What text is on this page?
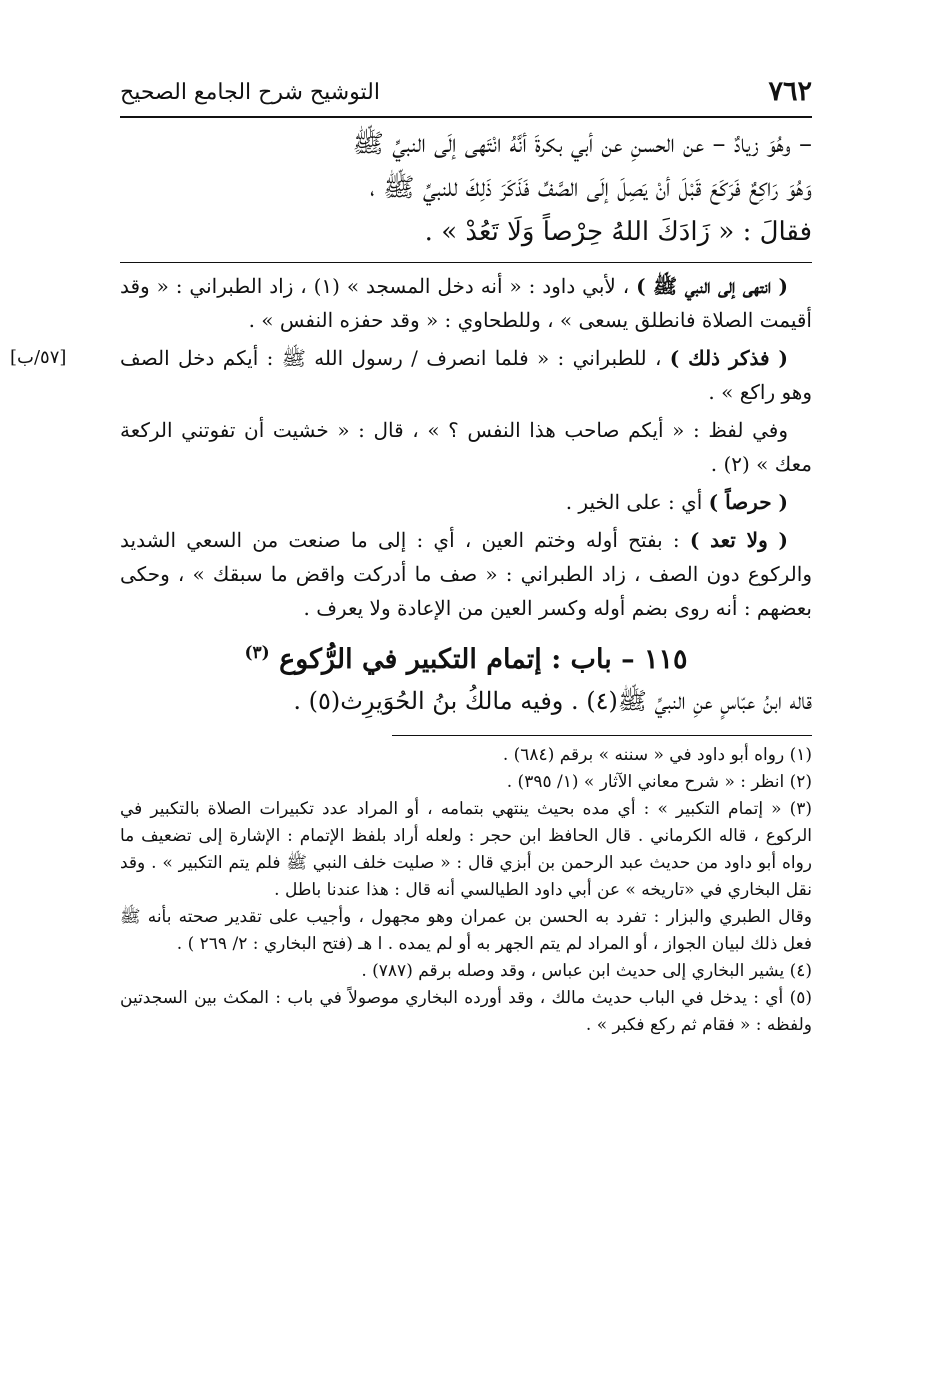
٧٦٢
التوشيح شرح الجامع الصحيح

– وهُوَ زيادٌ – عن الحسنِ عن أبي بكرةَ أنَّهُ انْتَهى إلَى النبيِّ ﷺ

وَهُوَ رَاكِعٌ فَرَكَعَ قَبْلَ أنْ يَصِلَ إلَى الصَّفِّ فَذَكَرَ ذَلِكَ للنبيِّ ﷺ ،

فقالَ : « زَادَكَ اللهُ حِرْصاً وَلَا تَعُدْ » .

( انتهى إلى النبي ﷺ ) ، لأبي داود : « أنه دخل المسجد » (١) ، زاد الطبراني : « وقد أقيمت الصلاة فانطلق يسعى » ، وللطحاوي : « وقد حفزه النفس » .

[٥٧/ب]	( فذكر ذلك ) ، للطبراني : « فلما انصرف / رسول الله ﷺ : أيكم دخل الصف وهو راكع » .

وفي لفظ : « أيكم صاحب هذا النفس ؟ » ، قال : « خشيت أن تفوتني الركعة معك » (٢) .

( حرصاً ) أي : على الخير .

( ولا تعد ) : بفتح أوله وختم العين ، أي : إلى ما صنعت من السعي الشديد والركوع دون الصف ، زاد الطبراني : « صف ما أدركت واقض ما سبقك » ، وحكى بعضهم : أنه روى بضم أوله وكسر العين من الإعادة ولا يعرف .

١١٥ – باب : إتمام التكبير في الرُّكوع $^{(٣)}$

قاله ابنُ عبّاسٍ عنِ النبيِّ ﷺ(٤) . وفيه مالكُ بنُ الحُوَيرِث(٥) .

(١) رواه أبو داود في « سننه » برقم (٦٨٤) .

(٢) انظر : « شرح معاني الآثار » (١/ ٣٩٥) .

(٣) « إتمام التكبير » : أي مده بحيث ينتهي بتمامه ، أو المراد عدد تكبيرات الصلاة بالتكبير في الركوع ، قاله الكرماني . قال الحافظ ابن حجر : ولعله أراد بلفظ الإتمام : الإشارة إلى تضعيف ما رواه أبو داود من حديث عبد الرحمن بن أبزي قال : « صليت خلف النبي ﷺ فلم يتم التكبير » . وقد نقل البخاري في «تاريخه » عن أبي داود الطيالسي أنه قال : هذا عندنا باطل .

وقال الطبري والبزار : تفرد به الحسن بن عمران وهو مجهول ، وأجيب على تقدير صحته بأنه ﷺ فعل ذلك لبيان الجواز ، أو المراد لم يتم الجهر به أو لم يمده . ا هـ (فتح البخاري : ٢/ ٢٦٩ ) .

(٤) يشير البخاري إلى حديث ابن عباس ، وقد وصله برقم (٧٨٧) .

(٥) أي : يدخل في الباب حديث مالك ، وقد أورده البخاري موصولاً في باب : المكث بين السجدتين ولفظه : « فقام ثم ركع فكبر » .
